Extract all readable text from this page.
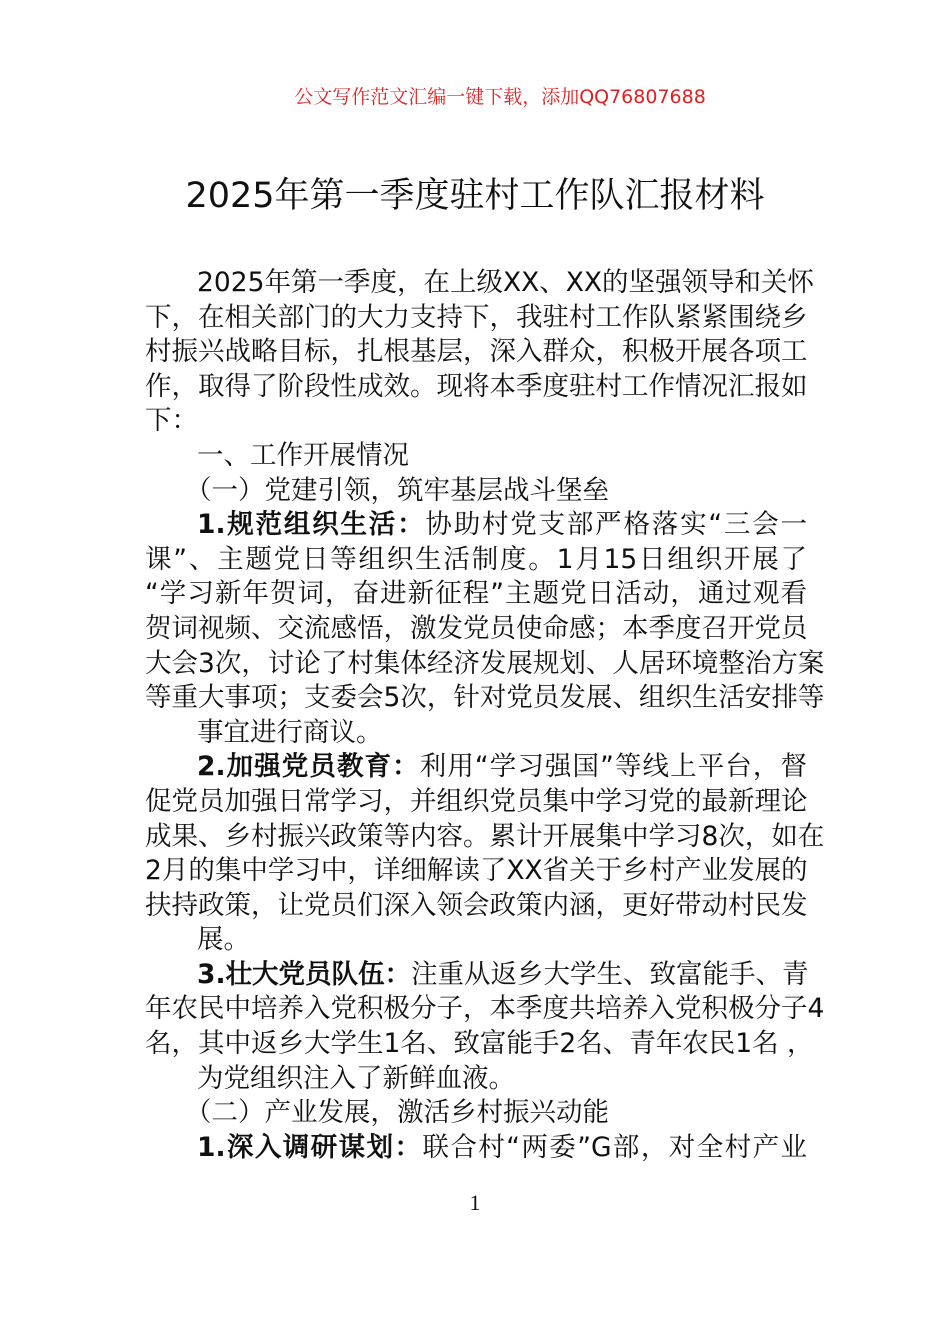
公文写作范文汇编一键下载，添加QQ76807688
2025年第一季度驻村工作队汇报材料
2025年第一季度，在上级XX、XX的坚强领导和关怀
下，在相关部门的大力支持下，我驻村工作队紧紧围绕乡
村振兴战略目标，扎根基层，深入群众，积极开展各项工
作，取得了阶段性成效。现将本季度驻村工作情况汇报如
下：
一、工作开展情况
（一）党建引领，筑牢基层战斗堡垒
1.规范组织生活：协助村党支部严格落实“三会一
课”、主题党日等组织生活制度。1月15日组织开展了
“学习新年贺词，奋进新征程”主题党日活动，通过观看
贺词视频、交流感悟，激发党员使命感；本季度召开党员
大会3次，讨论了村集体经济发展规划、人居环境整治方案
等重大事项；支委会5次，针对党员发展、组织生活安排等
事宜进行商议。
2.加强党员教育：利用“学习强国”等线上平台，督
促党员加强日常学习，并组织党员集中学习党的最新理论
成果、乡村振兴政策等内容。累计开展集中学习8次，如在
2月的集中学习中，详细解读了XX省关于乡村产业发展的
扶持政策，让党员们深入领会政策内涵，更好带动村民发
展。
3.壮大党员队伍：注重从返乡大学生、致富能手、青
年农民中培养入党积极分子，本季度共培养入党积极分子4
名，其中返乡大学生1名、致富能手2名、青年农民1名 ，
为党组织注入了新鲜血液。
（二）产业发展，激活乡村振兴动能
1.深入调研谋划：联合村“两委”G部，对全村产业
1
